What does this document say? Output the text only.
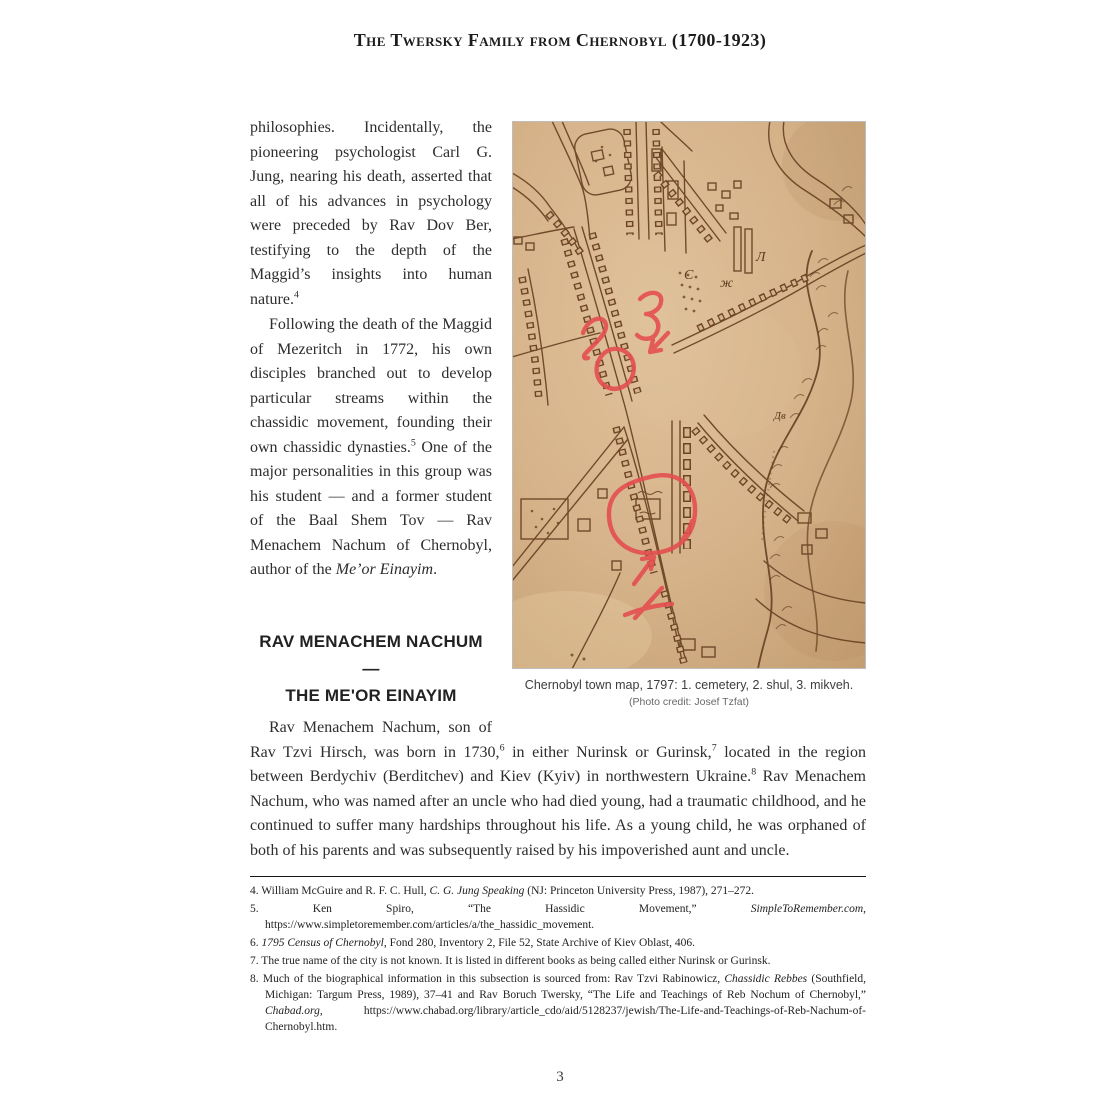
The Twersky Family from Chernobyl (1700-1923)
С
ж
Л
Дв
Chernobyl town map, 1797: 1. cemetery, 2. shul, 3. mikveh.
(Photo credit: Josef Tzfat)

philosophies. Incidentally, the pioneering psychologist Carl G. Jung, nearing his death, asserted that all of his advances in psychology were preceded by Rav Dov Ber, testifying to the depth of the Maggid’s insights into human nature.$^4$

Following the death of the Maggid of Mezeritch in 1772, his own disciples branched out to develop particular streams within the chassidic movement, founding their own chassidic dynasties.$^5$ One of the major personalities in this group was his student — and a former student of the Baal Shem Tov — Rav Menachem Nachum of Chernobyl, author of the Me’or Einayim.

RAV MENACHEM NACHUM —
THE ME'OR EINAYIM

Rav Menachem Nachum, son of Rav Tzvi Hirsch, was born in 1730,$^6$ in either Nurinsk or Gurinsk,$^7$ located in the region between Berdychiv (Berditchev) and Kiev (Kyiv) in northwestern Ukraine.$^8$ Rav Menachem Nachum, who was named after an uncle who had died young, had a traumatic childhood, and he continued to suffer many hardships throughout his life. As a young child, he was orphaned of both of his parents and was subsequently raised by his impoverished aunt and uncle.

4. William McGuire and R. F. C. Hull, C. G. Jung Speaking (NJ: Princeton University Press, 1987), 271–272.
5. Ken Spiro, “The Hassidic Movement,” SimpleToRemember.com, https://www.simpletoremember.com/articles/a/the_hassidic_movement.
6. 1795 Census of Chernobyl, Fond 280, Inventory 2, File 52, State Archive of Kiev Oblast, 406.
7. The true name of the city is not known. It is listed in different books as being called either Nurinsk or Gurinsk.
8. Much of the biographical information in this subsection is sourced from: Rav Tzvi Rabinowicz, Chassidic Rebbes (Southfield, Michigan: Targum Press, 1989), 37–41 and Rav Boruch Twersky, “The Life and Teachings of Reb Nochum of Chernobyl,” Chabad.org, https://www.chabad.org/library/article_cdo/aid/5128237/jewish/The-Life-and-Teachings-of-Reb-Nachum-of-Chernobyl.htm.
3
